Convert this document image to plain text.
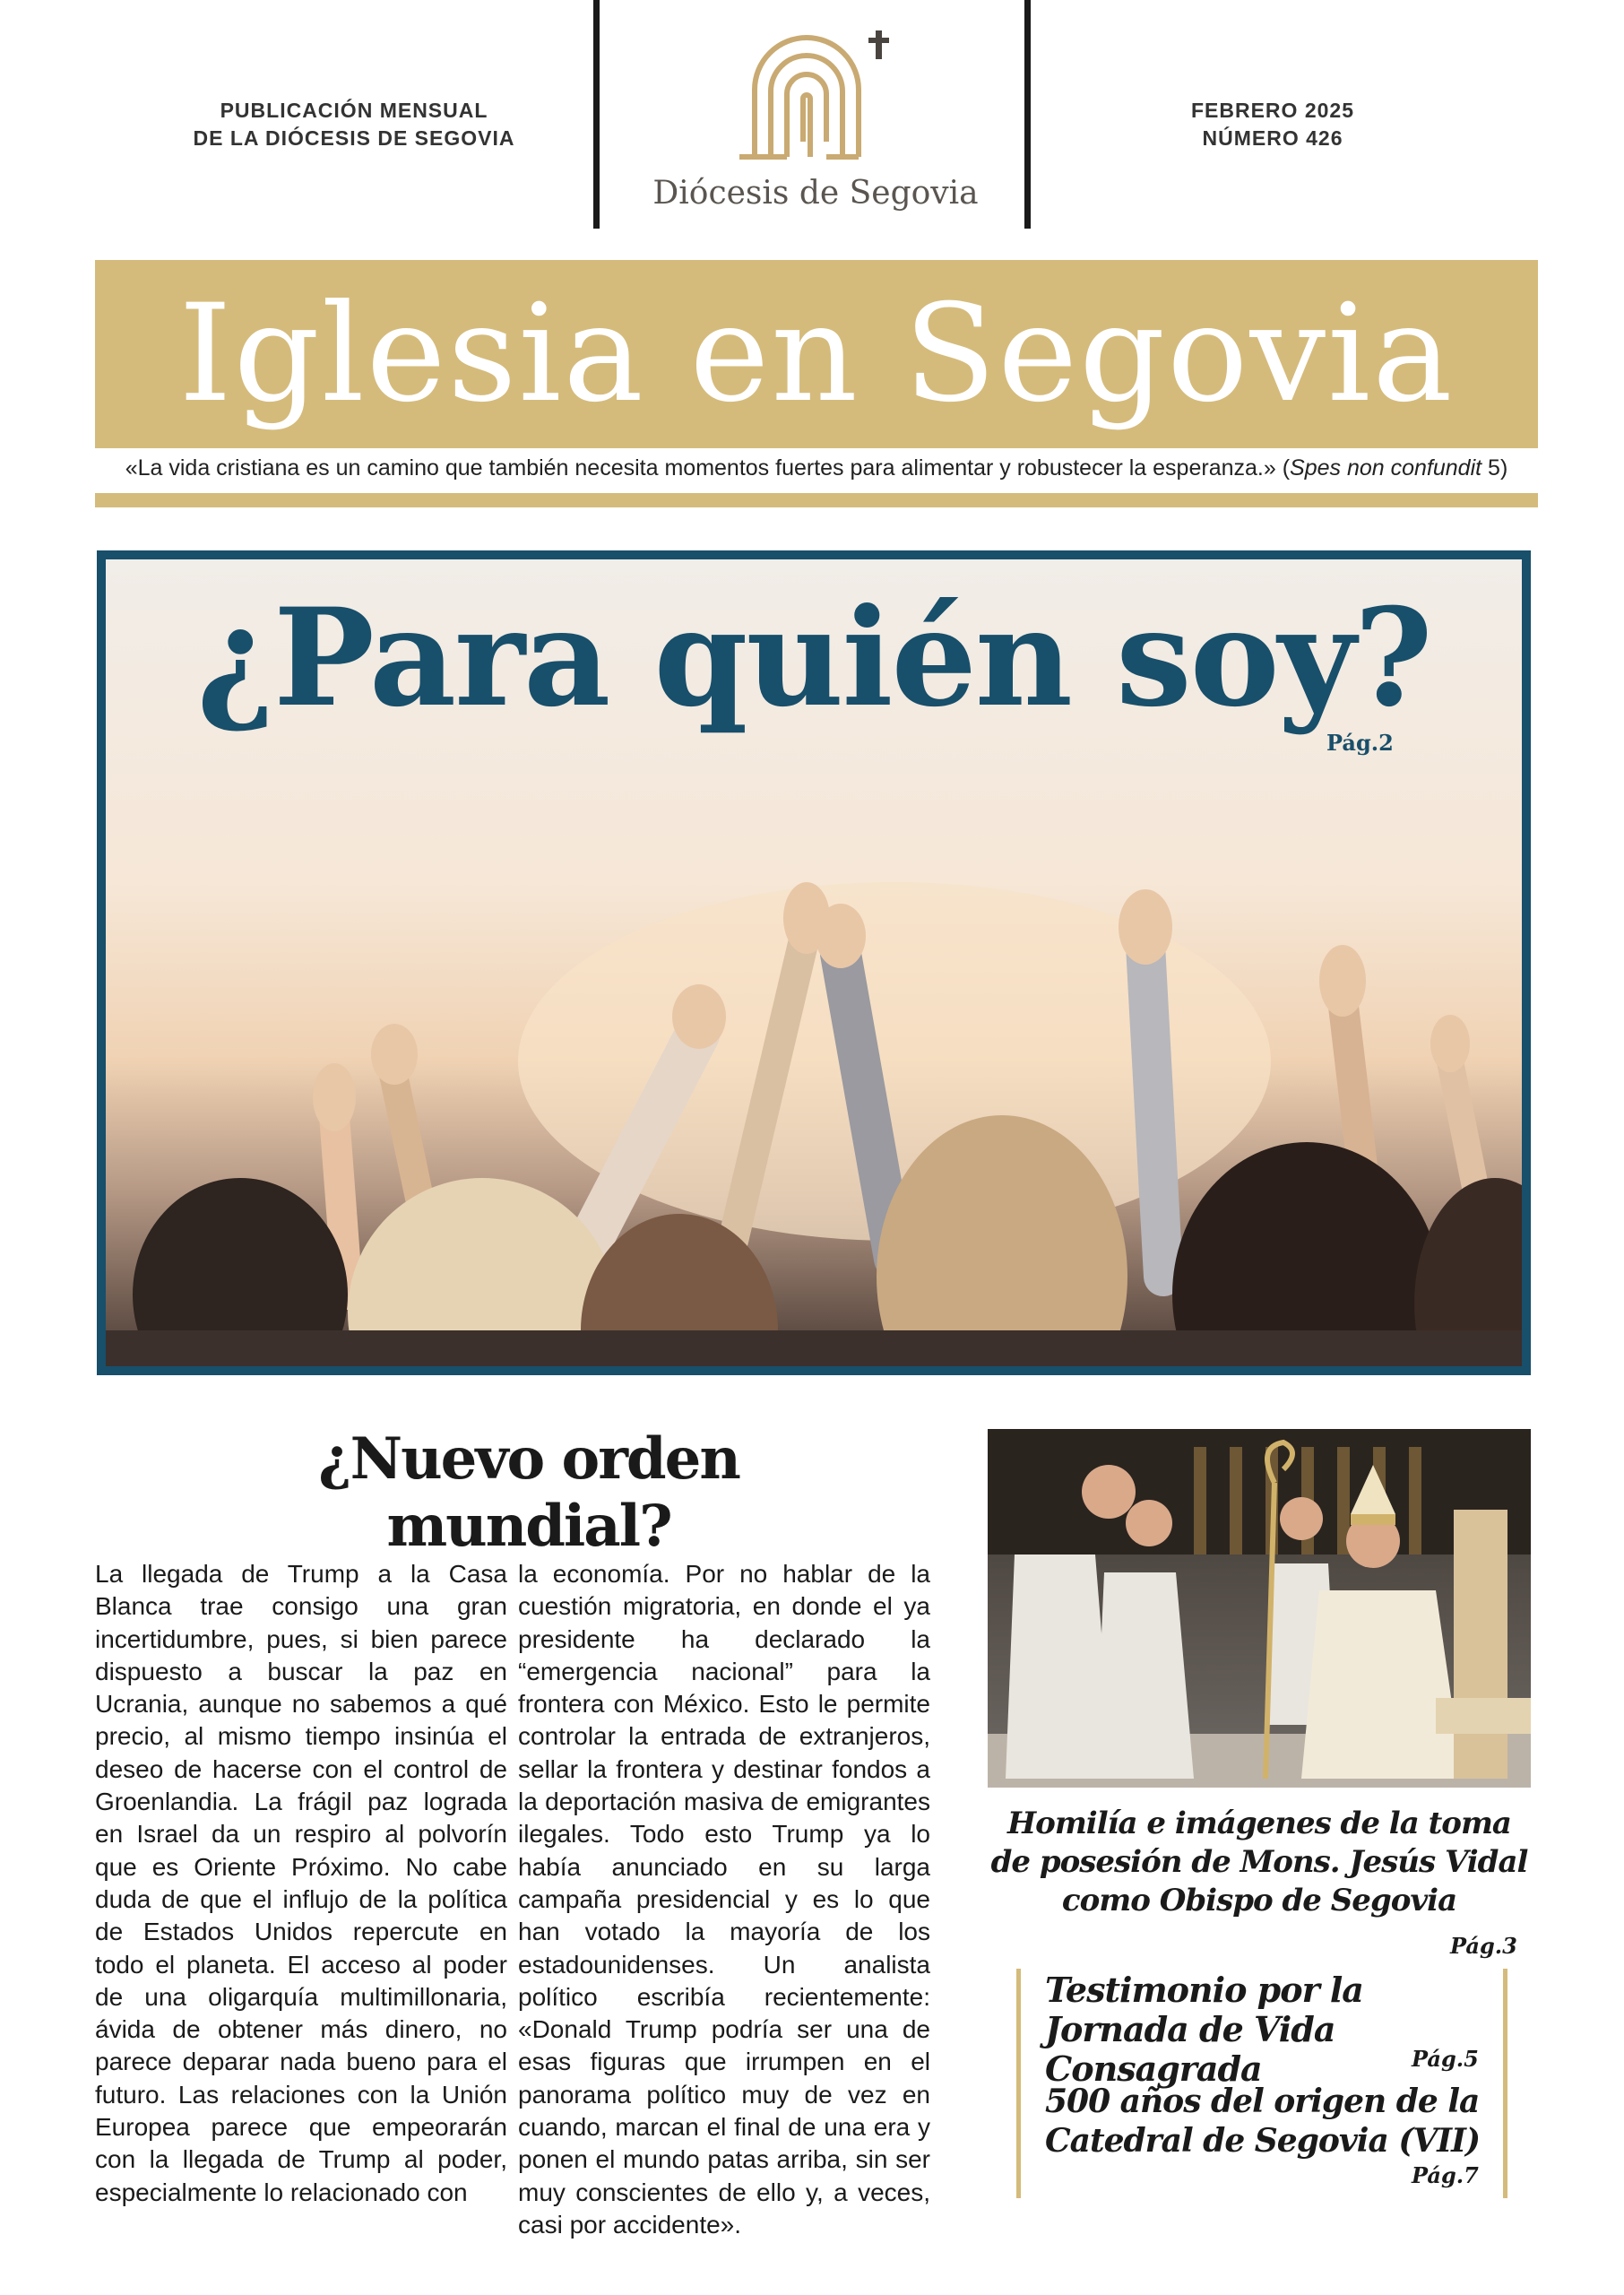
PUBLICACIÓN MENSUAL
DE LA DIÓCESIS DE SEGOVIA
Diócesis de Segovia
FEBRERO 2025
NÚMERO 426
Iglesia en Segovia
«La vida cristiana es un camino que también necesita momentos fuertes para alimentar y robustecer la esperanza.» (Spes non confundit 5)
¿Para quién soy?
Pág.2
¿Nuevo orden mundial?
La llegada de Trump a la Casa Blanca trae consigo una gran incertidumbre, pues, si bien parece dispuesto a buscar la paz en Ucrania, aunque no sabemos a qué precio, al mismo tiempo insinúa el deseo de hacerse con el control de Groenlandia. La frágil paz lograda en Israel da un respiro al polvorín que es Oriente Próximo. No cabe duda de que el influjo de la política de Estados Unidos repercute en todo el planeta. El acceso al poder de una oligarquía multimillonaria, ávida de obtener más dinero, no parece deparar nada bueno para el futuro. Las relaciones con la Unión Europea parece que empeorarán con la llegada de Trump al poder, especialmente lo relacionado con
la economía. Por no hablar de la cuestión migratoria, en donde el ya presidente ha declarado la “emergencia nacional” para la frontera con México. Esto le permite controlar la entrada de extranjeros, sellar la frontera y destinar fondos a la deportación masiva de emigrantes ilegales. Todo esto Trump ya lo había anunciado en su larga campaña presidencial y es lo que han votado la mayoría de los estadounidenses. Un analista político escribía recientemente: «Donald Trump podría ser una de esas figuras que irrumpen en el panorama político muy de vez en cuando, marcan el final de una era y ponen el mundo patas arriba, sin ser muy conscientes de ello y, a veces, casi por accidente».
Homilía e imágenes de la toma de posesión de Mons. Jesús Vidal como Obispo de Segovia
Pág.3
Testimonio por la Jornada de Vida Consagrada	Pág.5
500 años del origen de la Catedral de Segovia (VII)
Pág.7
